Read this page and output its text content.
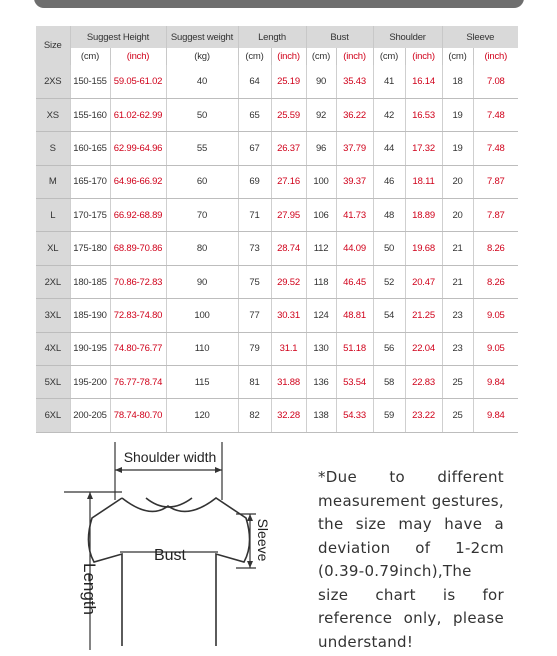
Size	Suggest Height		Suggest weight	Length		Bust		Shoulder		Sleeve	
	(cm)	(inch)	(kg)	(cm)	(inch)	(cm)	(inch)	(cm)	(inch)	(cm)	(inch)
2XS	150-155	59.05-61.02	40	64	25.19	90	35.43	41	16.14	18	7.08
XS	155-160	61.02-62.99	50	65	25.59	92	36.22	42	16.53	19	7.48
S	160-165	62.99-64.96	55	67	26.37	96	37.79	44	17.32	19	7.48
M	165-170	64.96-66.92	60	69	27.16	100	39.37	46	18.11	20	7.87
L	170-175	66.92-68.89	70	71	27.95	106	41.73	48	18.89	20	7.87
XL	175-180	68.89-70.86	80	73	28.74	112	44.09	50	19.68	21	8.26
2XL	180-185	70.86-72.83	90	75	29.52	118	46.45	52	20.47	21	8.26
3XL	185-190	72.83-74.80	100	77	30.31	124	48.81	54	21.25	23	9.05
4XL	190-195	74.80-76.77	110	79	31.1	130	51.18	56	22.04	23	9.05
5XL	195-200	76.77-78.74	115	81	31.88	136	53.54	58	22.83	25	9.84
6XL	200-205	78.74-80.70	120	82	32.28	138	54.33	59	23.22	25	9.84
Shoulder width
Bust
Length
Sleeve
*Due to different measurement gestures, the size may have a deviation of 1-2cm (0.39-0.79inch),The size chart is for reference only, please understand!
